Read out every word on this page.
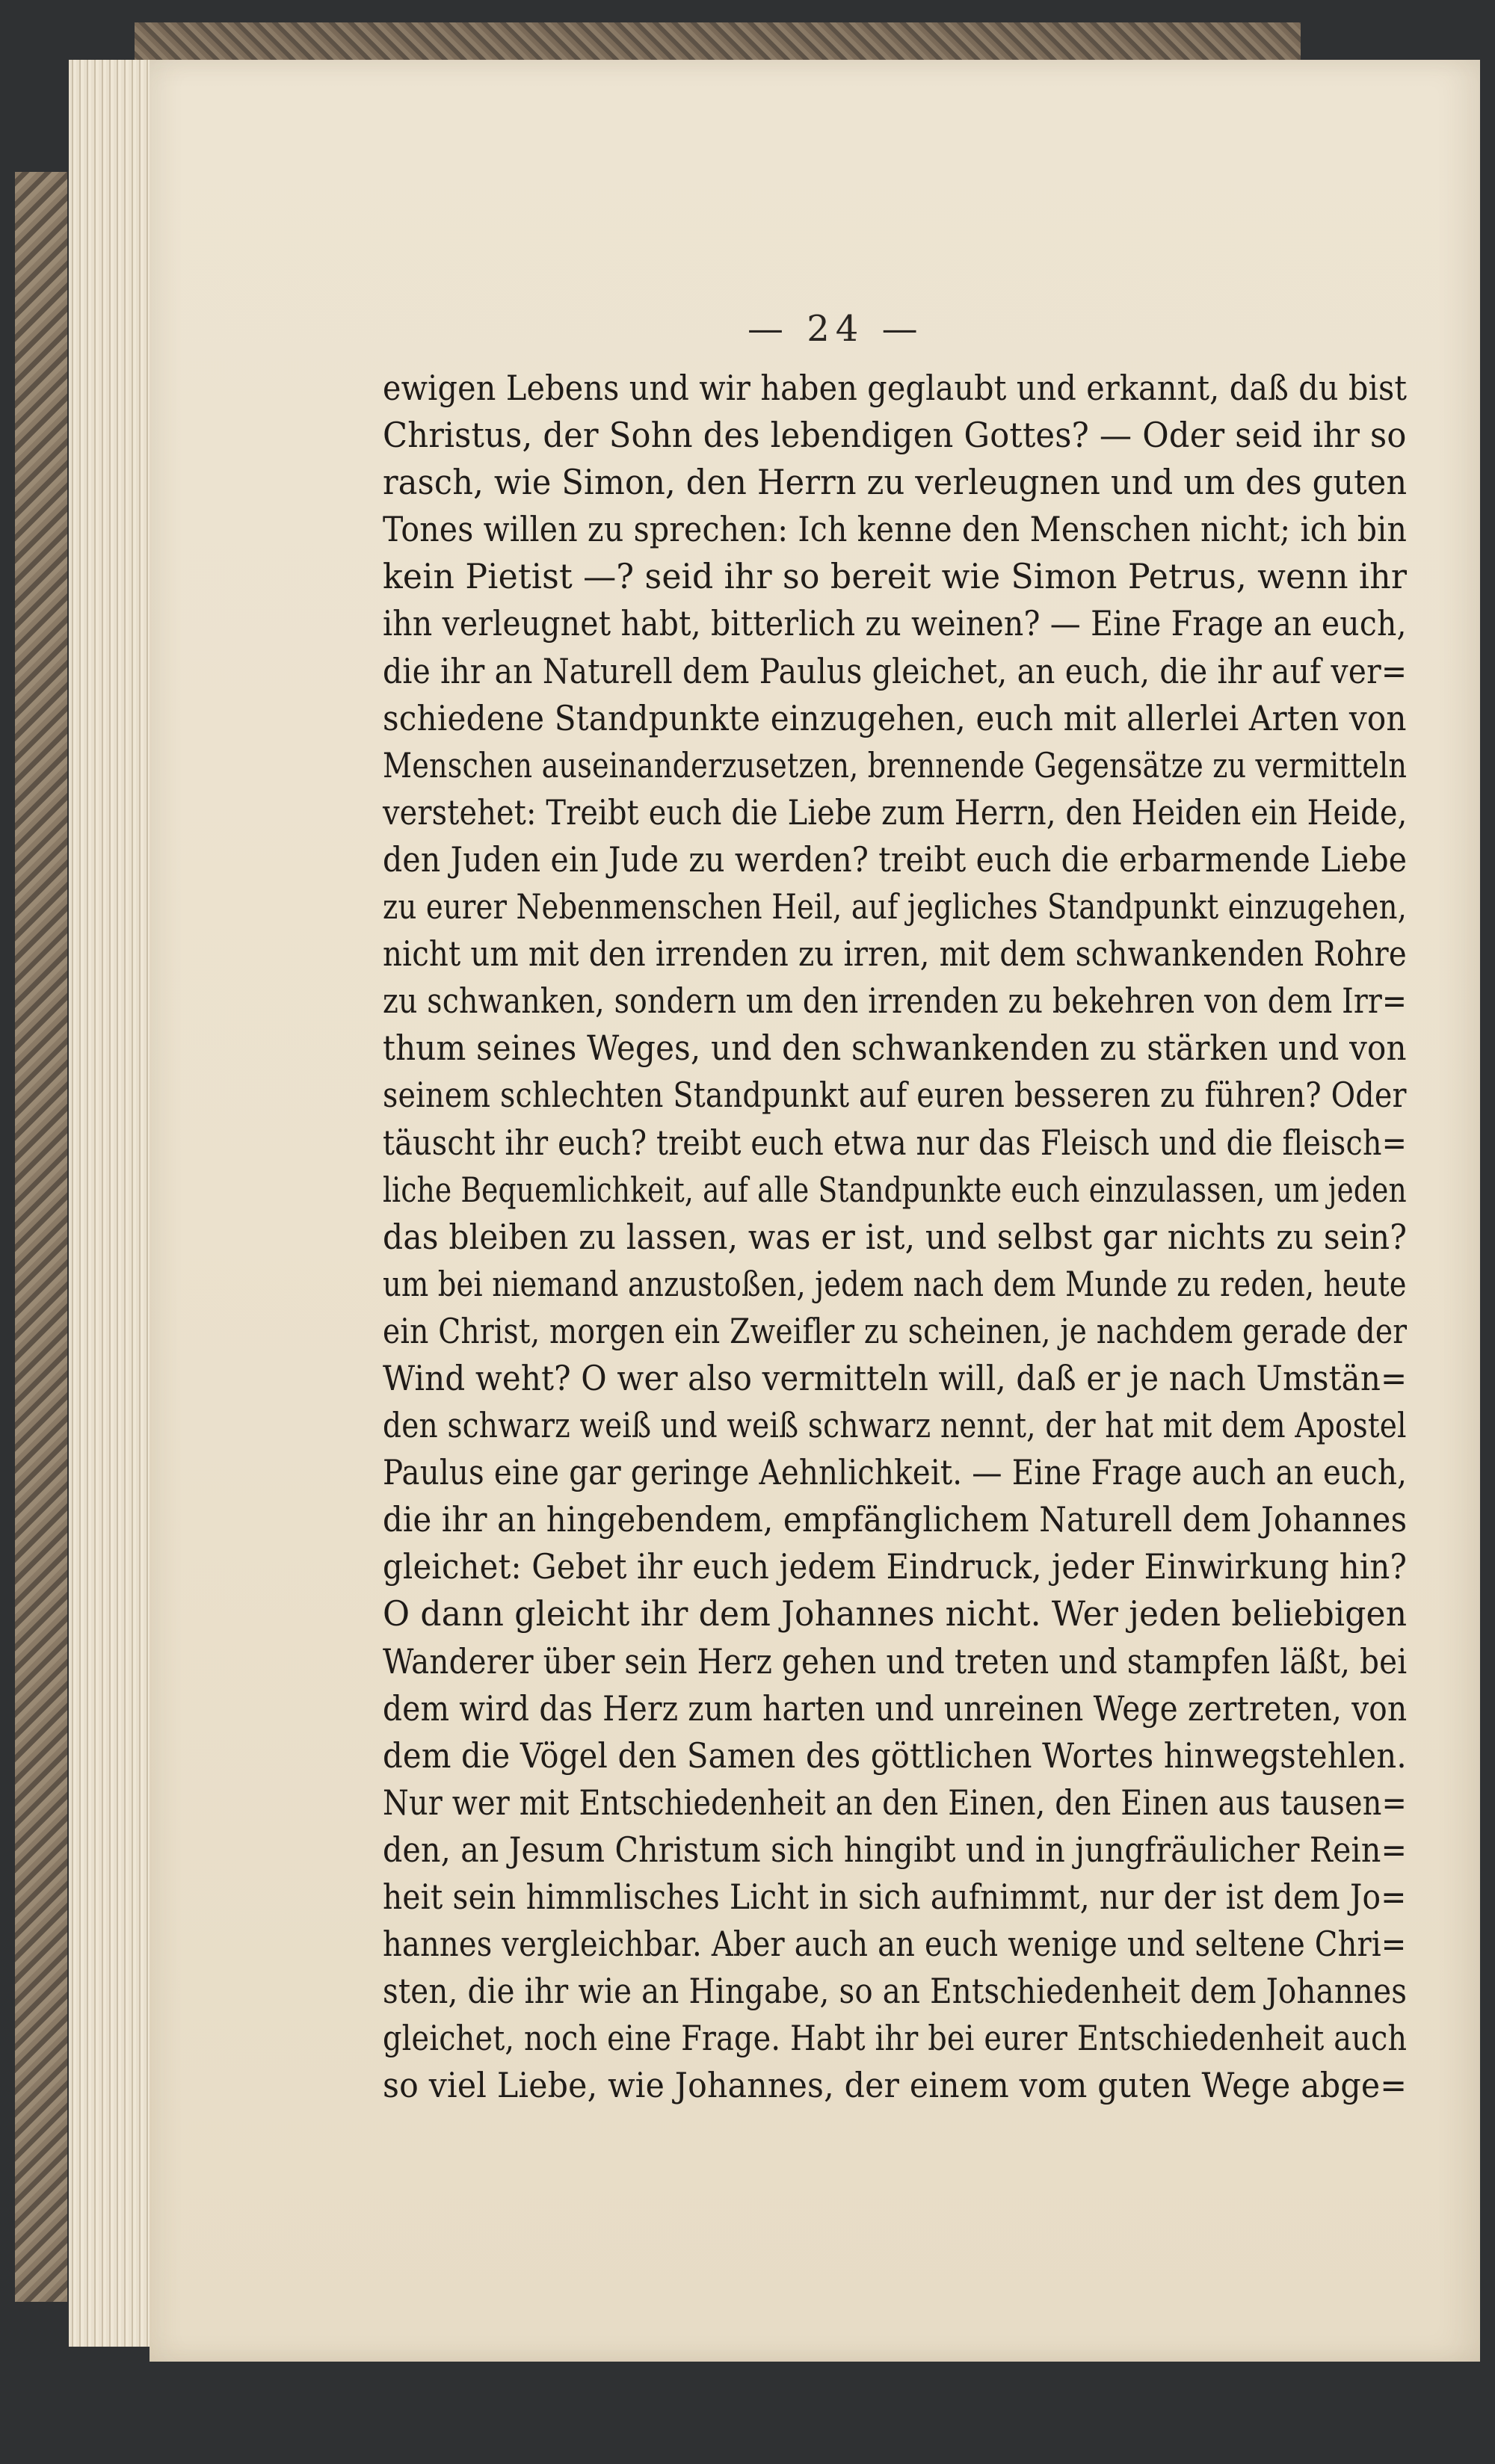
— 24 —
ewigen Lebens und wir haben geglaubt und erkannt, daß du bist
Christus, der Sohn des lebendigen Gottes? — Oder seid ihr so
rasch, wie Simon, den Herrn zu verleugnen und um des guten
Tones willen zu sprechen: Ich kenne den Menschen nicht; ich bin
kein Pietist —? seid ihr so bereit wie Simon Petrus, wenn ihr
ihn verleugnet habt, bitterlich zu weinen? — Eine Frage an euch,
die ihr an Naturell dem Paulus gleichet, an euch, die ihr auf ver=
schiedene Standpunkte einzugehen, euch mit allerlei Arten von
Menschen auseinanderzusetzen, brennende Gegensätze zu vermitteln
verstehet: Treibt euch die Liebe zum Herrn, den Heiden ein Heide,
den Juden ein Jude zu werden? treibt euch die erbarmende Liebe
zu eurer Nebenmenschen Heil, auf jegliches Standpunkt einzugehen,
nicht um mit den irrenden zu irren, mit dem schwankenden Rohre
zu schwanken, sondern um den irrenden zu bekehren von dem Irr=
thum seines Weges, und den schwankenden zu stärken und von
seinem schlechten Standpunkt auf euren besseren zu führen? Oder
täuscht ihr euch? treibt euch etwa nur das Fleisch und die fleisch=
liche Bequemlichkeit, auf alle Standpunkte euch einzulassen, um jeden
das bleiben zu lassen, was er ist, und selbst gar nichts zu sein?
um bei niemand anzustoßen, jedem nach dem Munde zu reden, heute
ein Christ, morgen ein Zweifler zu scheinen, je nachdem gerade der
Wind weht? O wer also vermitteln will, daß er je nach Umstän=
den schwarz weiß und weiß schwarz nennt, der hat mit dem Apostel
Paulus eine gar geringe Aehnlichkeit. — Eine Frage auch an euch,
die ihr an hingebendem, empfänglichem Naturell dem Johannes
gleichet: Gebet ihr euch jedem Eindruck, jeder Einwirkung hin?
O dann gleicht ihr dem Johannes nicht. Wer jeden beliebigen
Wanderer über sein Herz gehen und treten und stampfen läßt, bei
dem wird das Herz zum harten und unreinen Wege zertreten, von
dem die Vögel den Samen des göttlichen Wortes hinwegstehlen.
Nur wer mit Entschiedenheit an den Einen, den Einen aus tausen=
den, an Jesum Christum sich hingibt und in jungfräulicher Rein=
heit sein himmlisches Licht in sich aufnimmt, nur der ist dem Jo=
hannes vergleichbar. Aber auch an euch wenige und seltene Chri=
sten, die ihr wie an Hingabe, so an Entschiedenheit dem Johannes
gleichet, noch eine Frage. Habt ihr bei eurer Entschiedenheit auch
so viel Liebe, wie Johannes, der einem vom guten Wege abge=
